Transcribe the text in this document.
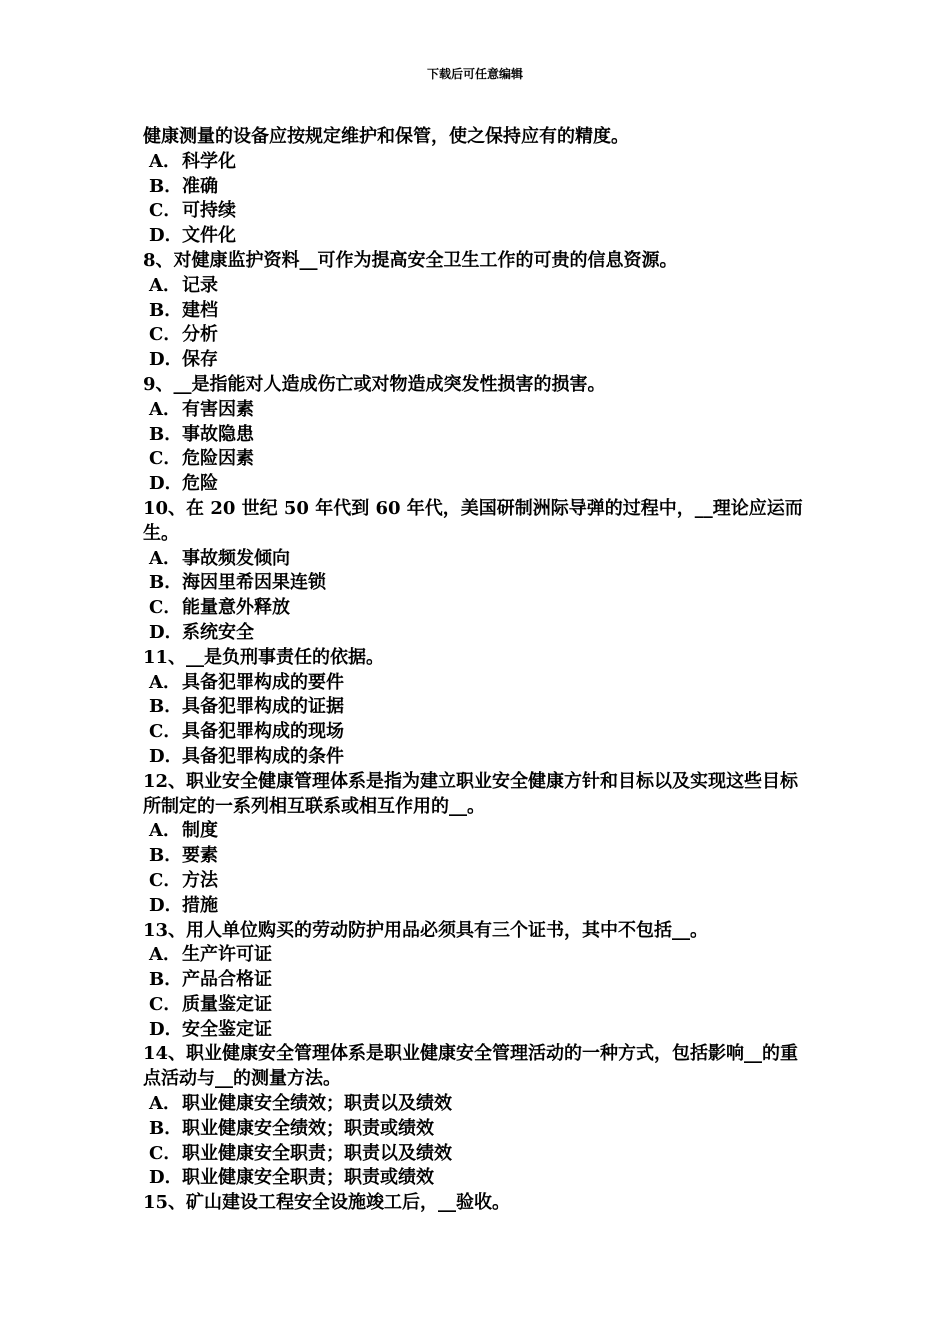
下载后可任意编辑
健康测量的设备应按规定维护和保管，使之保持应有的精度。
A．科学化
B．准确
C．可持续
D．文件化
8、对健康监护资料__可作为提高安全卫生工作的可贵的信息资源。
A．记录
B．建档
C．分析
D．保存
9、__是指能对人造成伤亡或对物造成突发性损害的损害。
A．有害因素
B．事故隐患
C．危险因素
D．危险
10、在 20 世纪 50 年代到 60 年代，美国研制洲际导弹的过程中，__理论应运而生。
A．事故频发倾向
B．海因里希因果连锁
C．能量意外释放
D．系统安全
11、__是负刑事责任的依据。
A．具备犯罪构成的要件
B．具备犯罪构成的证据
C．具备犯罪构成的现场
D．具备犯罪构成的条件
12、职业安全健康管理体系是指为建立职业安全健康方针和目标以及实现这些目标所制定的一系列相互联系或相互作用的__。
A．制度
B．要素
C．方法
D．措施
13、用人单位购买的劳动防护用品必须具有三个证书，其中不包括__。
A．生产许可证
B．产品合格证
C．质量鉴定证
D．安全鉴定证
14、职业健康安全管理体系是职业健康安全管理活动的一种方式，包括影响__的重点活动与__的测量方法。
A．职业健康安全绩效；职责以及绩效
B．职业健康安全绩效；职责或绩效
C．职业健康安全职责；职责以及绩效
D．职业健康安全职责；职责或绩效
15、矿山建设工程安全设施竣工后，__验收。
